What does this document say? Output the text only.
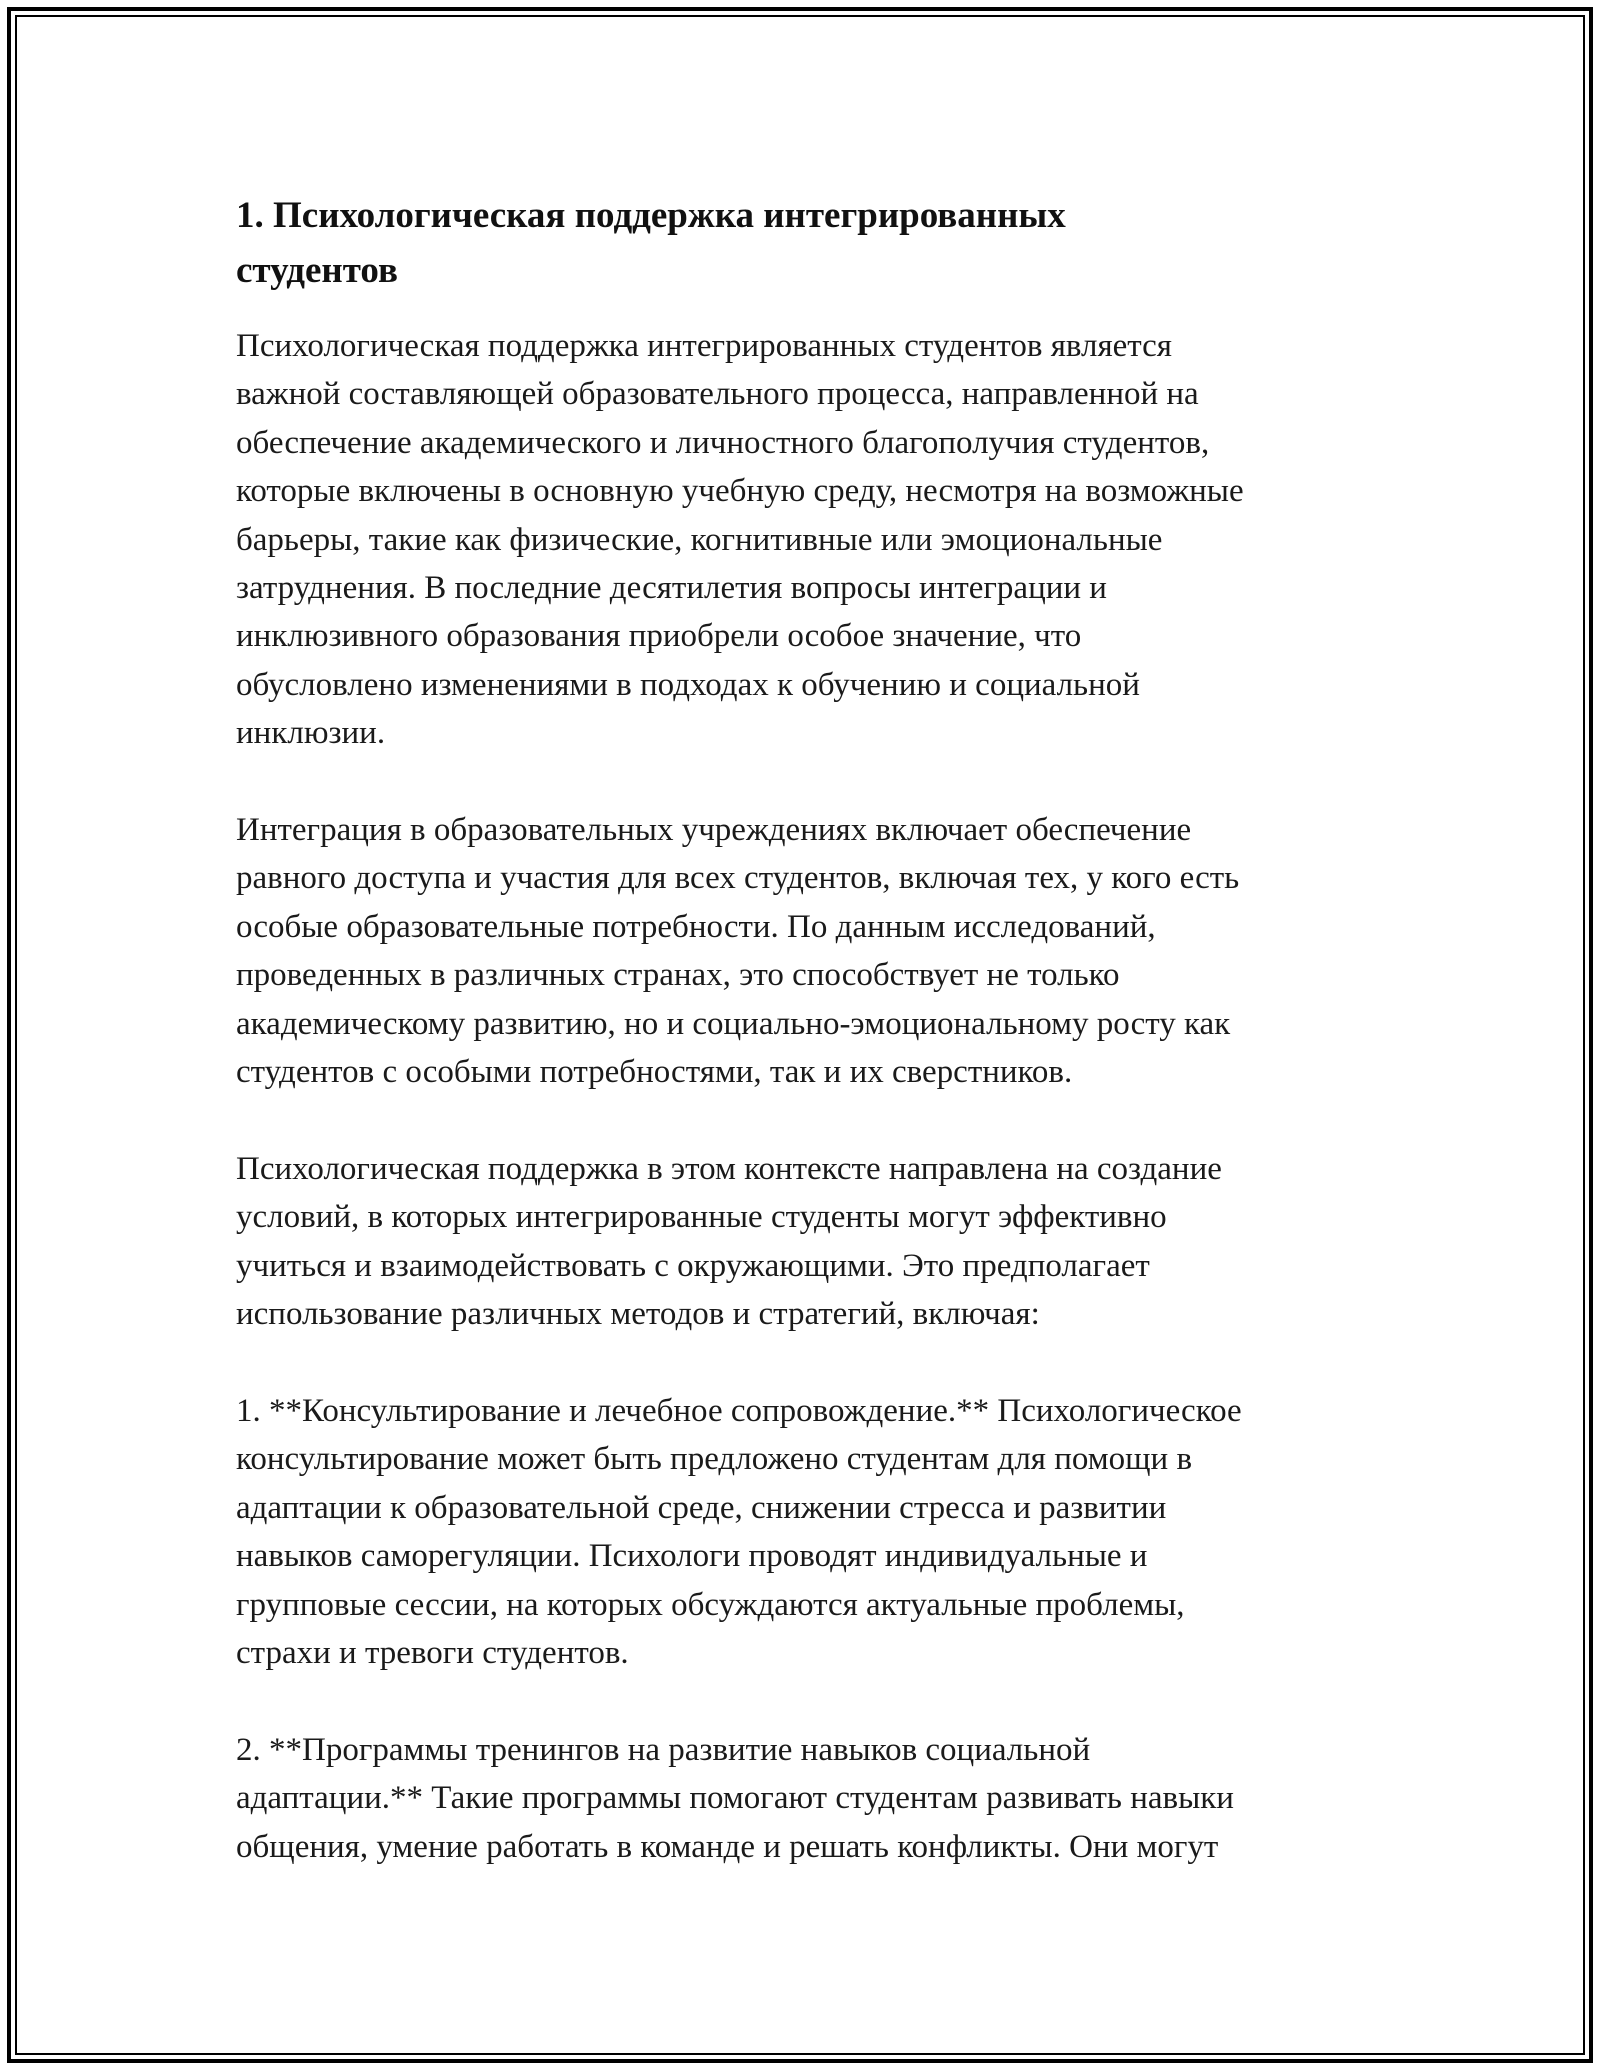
1. Психологическая поддержка интегрированных
студентов

Психологическая поддержка интегрированных студентов является
важной составляющей образовательного процесса, направленной на
обеспечение академического и личностного благополучия студентов,
которые включены в основную учебную среду, несмотря на возможные
барьеры, такие как физические, когнитивные или эмоциональные
затруднения. В последние десятилетия вопросы интеграции и
инклюзивного образования приобрели особое значение, что
обусловлено изменениями в подходах к обучению и социальной
инклюзии.

Интеграция в образовательных учреждениях включает обеспечение
равного доступа и участия для всех студентов, включая тех, у кого есть
особые образовательные потребности. По данным исследований,
проведенных в различных странах, это способствует не только
академическому развитию, но и социально-эмоциональному росту как
студентов с особыми потребностями, так и их сверстников.

Психологическая поддержка в этом контексте направлена на создание
условий, в которых интегрированные студенты могут эффективно
учиться и взаимодействовать с окружающими. Это предполагает
использование различных методов и стратегий, включая:

1. **Консультирование и лечебное сопровождение.** Психологическое
консультирование может быть предложено студентам для помощи в
адаптации к образовательной среде, снижении стресса и развитии
навыков саморегуляции. Психологи проводят индивидуальные и
групповые сессии, на которых обсуждаются актуальные проблемы,
страхи и тревоги студентов.

2. **Программы тренингов на развитие навыков социальной
адаптации.** Такие программы помогают студентам развивать навыки
общения, умение работать в команде и решать конфликты. Они могут
